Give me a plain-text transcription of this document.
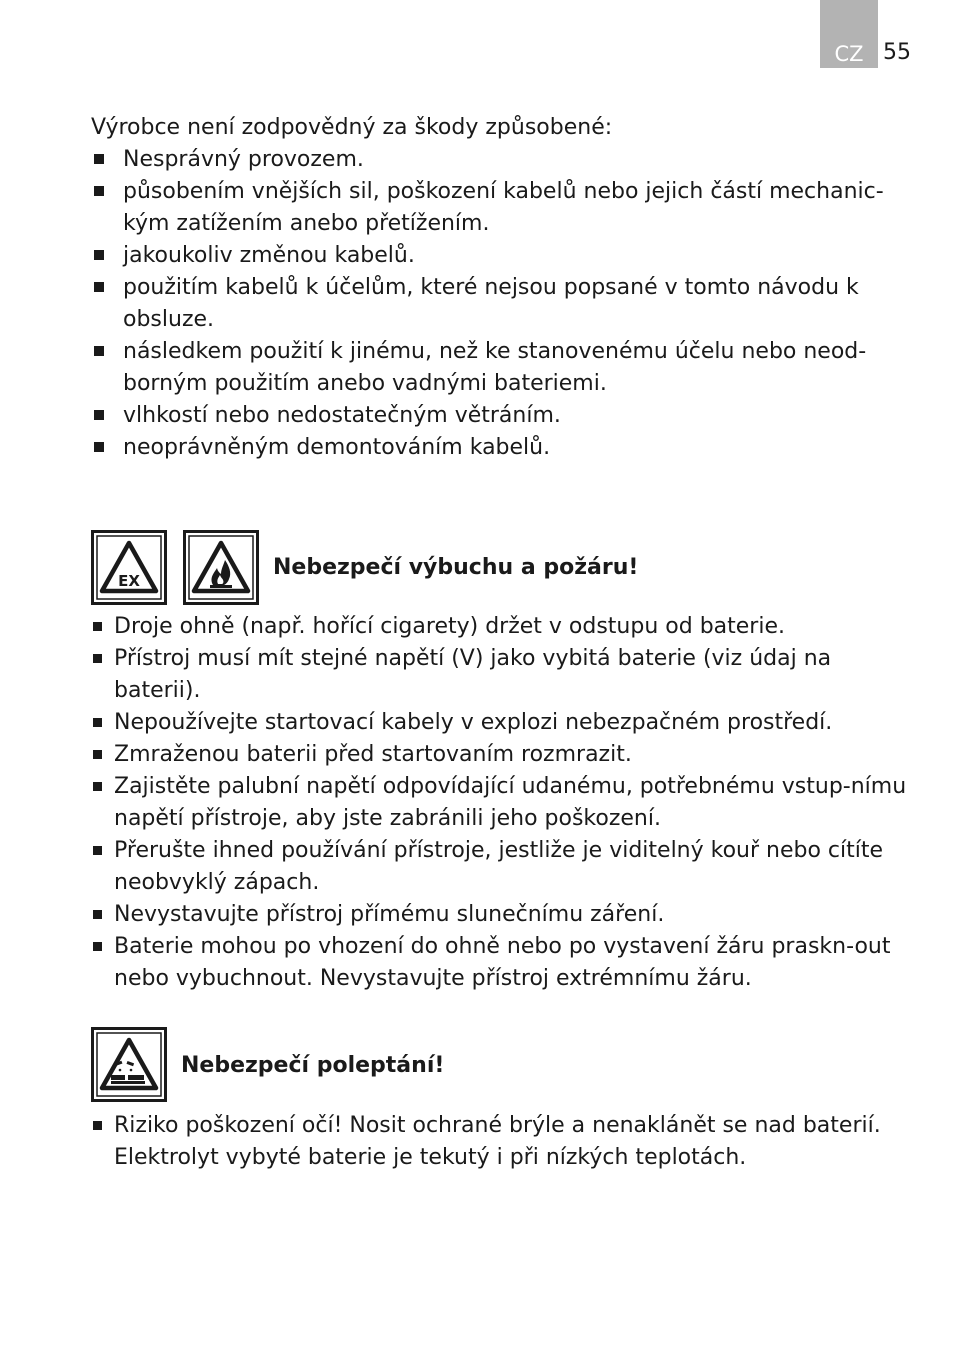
CZ 55

Výrobce není zodpovědný za škody způsobené:

Nesprávný provozem.
působením vnějších sil, poškození kabelů nebo jejich částí mechanic-kým zatížením anebo přetížením.
jakoukoliv změnou kabelů.
použitím kabelů k účelům, které nejsou popsané v tomto návodu k obsluze.
následkem použití k jinému, než ke stanovenému účelu nebo neod-borným použitím anebo vadnými bateriemi.
vlhkostí nebo nedostatečným větráním.
neoprávněným demontováním kabelů.
EX
Nebezpečí výbuchu a požáru!
Droje ohně (např. hořící cigarety) držet v odstupu od baterie.
Přístroj musí mít stejné napětí (V) jako vybitá baterie (viz údaj na baterii).
Nepoužívejte startovací kabely v explozi nebezpačném prostředí.
Zmraženou baterii před startovaním rozmrazit.
Zajistěte palubní napětí odpovídající udanému, potřebnému vstup-nímu napětí přístroje, aby jste zabránili jeho poškození.
Přerušte ihned používání přístroje, jestliže je viditelný kouř nebo cítíte neobvyklý zápach.
Nevystavujte přístroj přímému slunečnímu záření.
Baterie mohou po vhození do ohně nebo po vystavení žáru praskn-out nebo vybuchnout. Nevystavujte přístroj extrémnímu žáru.
Nebezpečí poleptání!
Riziko poškození očí! Nosit ochrané brýle a nenaklánět se nad baterií. Elektrolyt vybyté baterie je tekutý i při nízkých teplotách.
